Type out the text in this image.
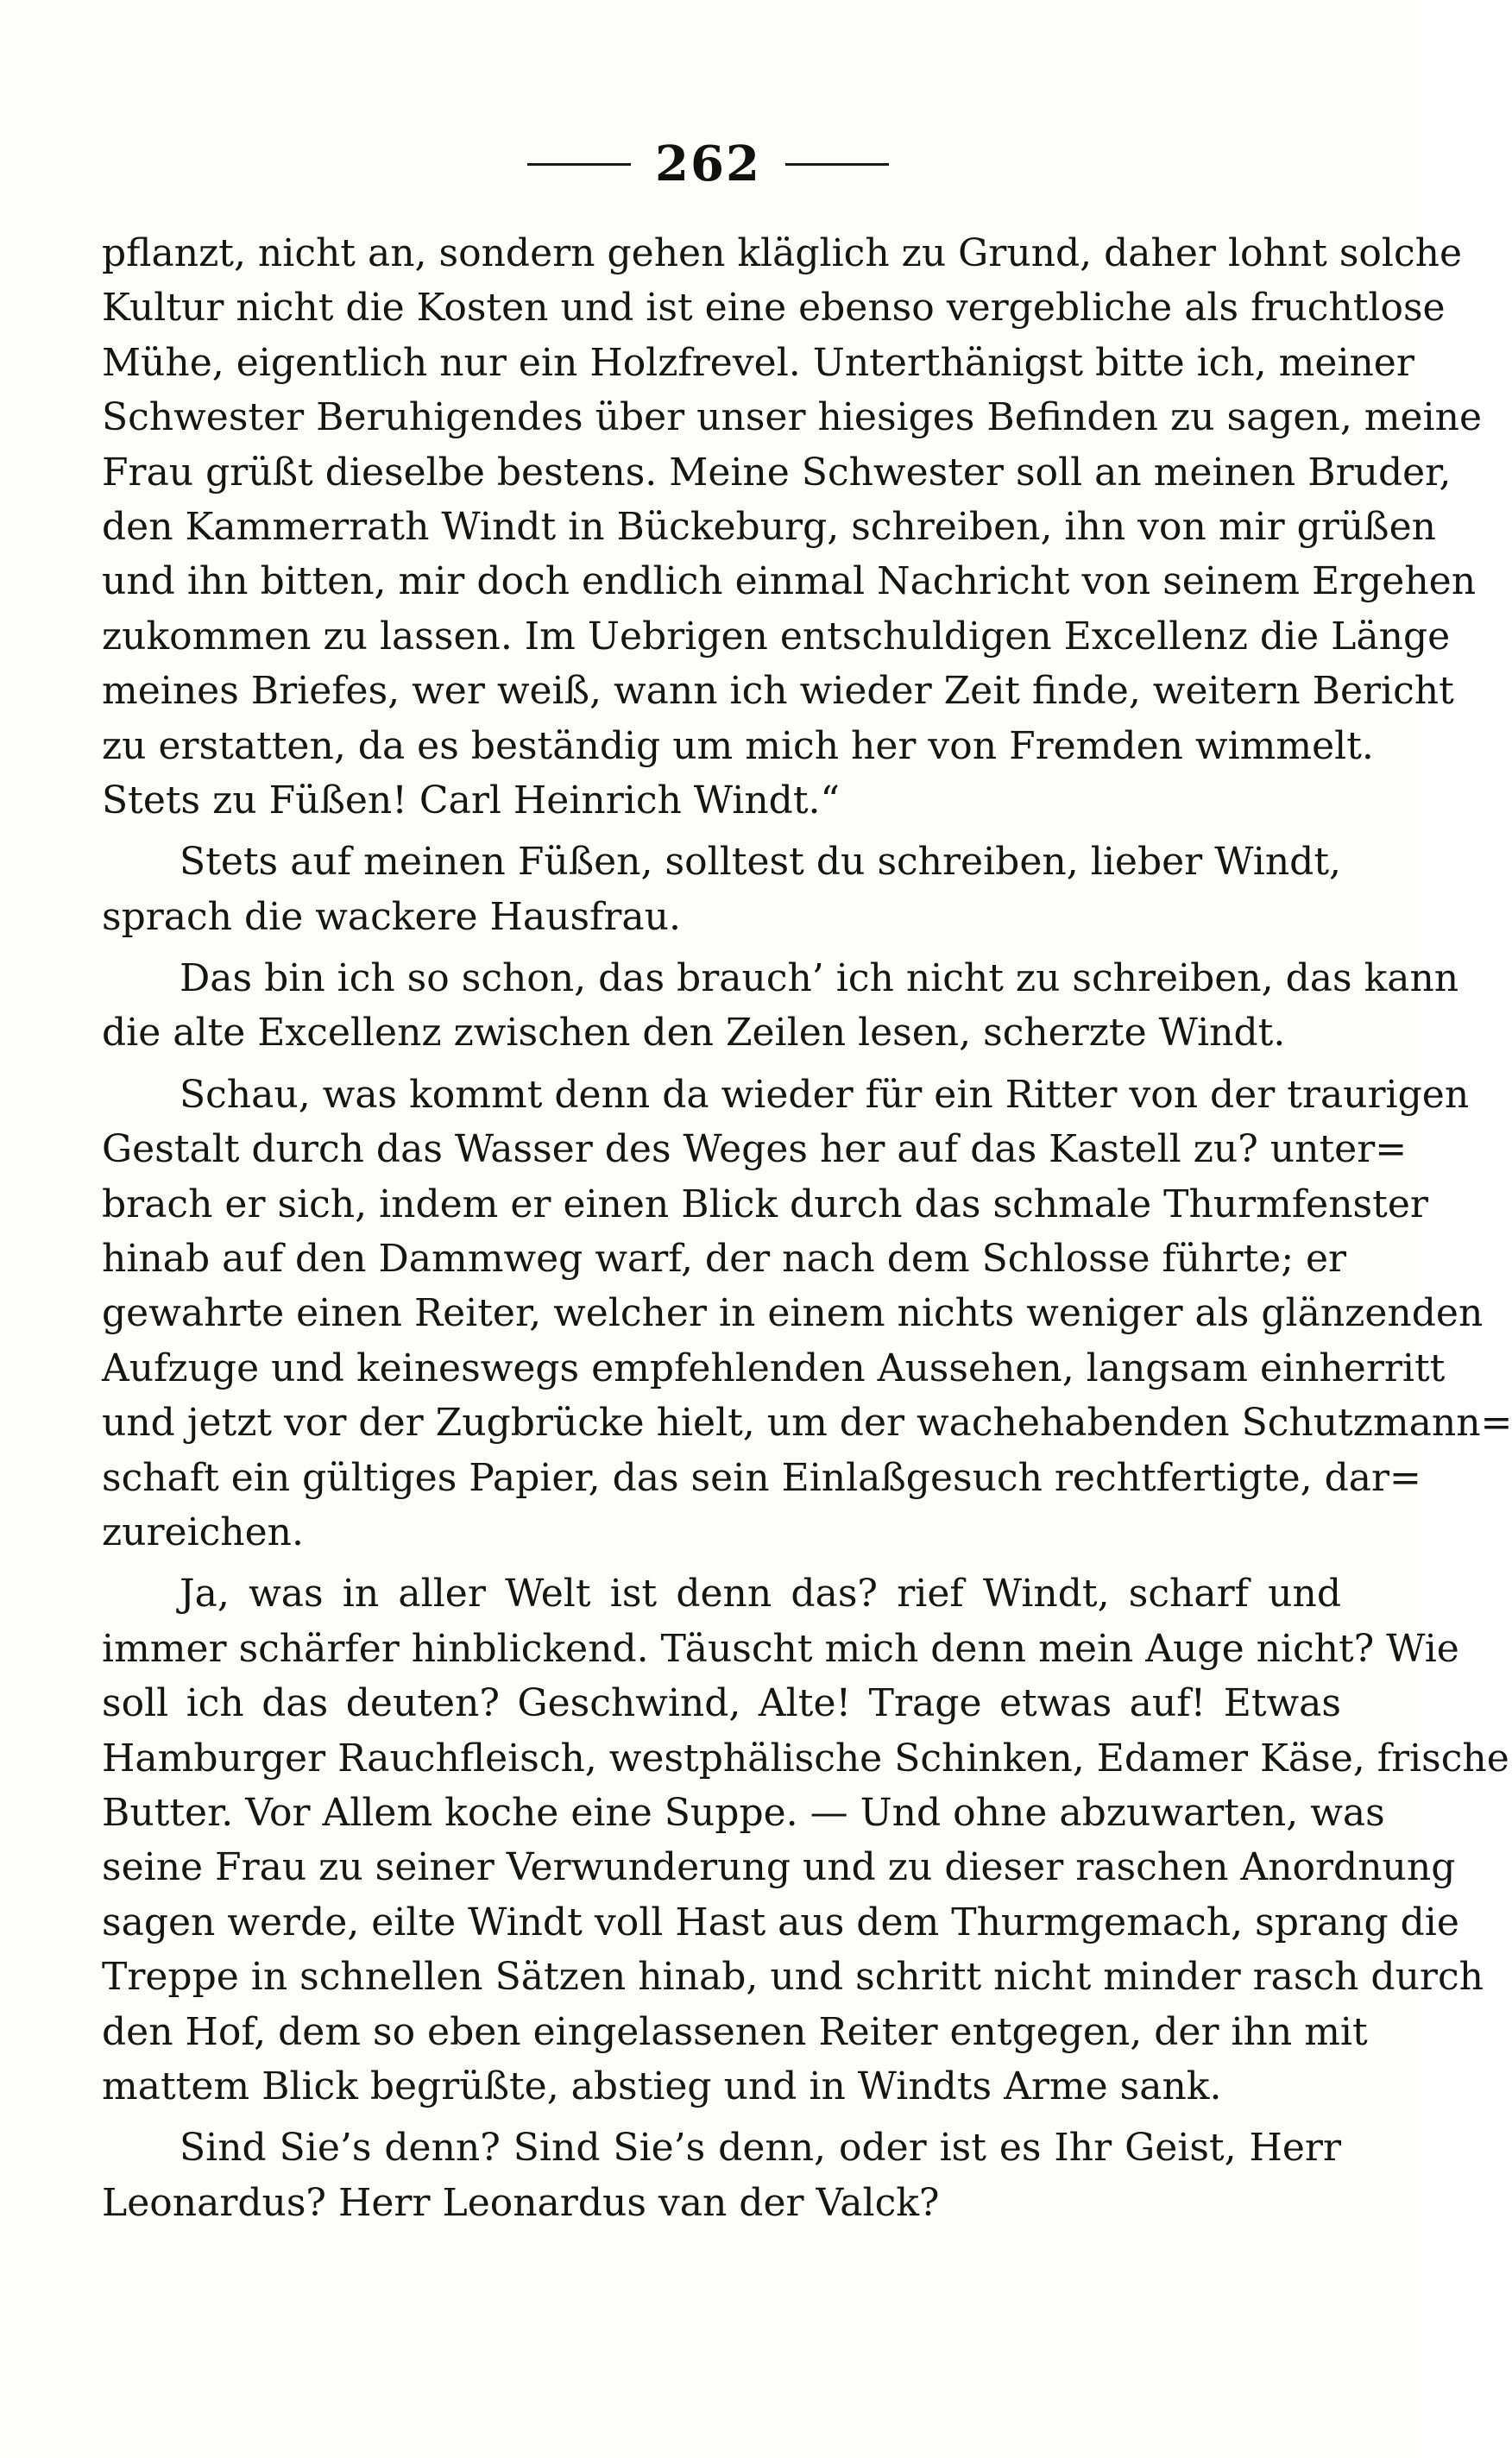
262
pflanzt, nicht an, sondern gehen kläglich zu Grund, daher lohnt solche
Kultur nicht die Kosten und ist eine ebenso vergebliche als fruchtlose
Mühe, eigentlich nur ein Holzfrevel. Unterthänigst bitte ich, meiner
Schwester Beruhigendes über unser hiesiges Befinden zu sagen, meine
Frau grüßt dieselbe bestens. Meine Schwester soll an meinen Bruder,
den Kammerrath Windt in Bückeburg, schreiben, ihn von mir grüßen
und ihn bitten, mir doch endlich einmal Nachricht von seinem Ergehen
zukommen zu lassen. Im Uebrigen entschuldigen Excellenz die Länge
meines Briefes, wer weiß, wann ich wieder Zeit finde, weitern Bericht
zu erstatten, da es beständig um mich her von Fremden wimmelt.
Stets zu Füßen! Carl Heinrich Windt.“
Stets auf meinen Füßen, solltest du schreiben, lieber Windt,
sprach die wackere Hausfrau.
Das bin ich so schon, das brauch’ ich nicht zu schreiben, das kann
die alte Excellenz zwischen den Zeilen lesen, scherzte Windt.
Schau, was kommt denn da wieder für ein Ritter von der traurigen
Gestalt durch das Wasser des Weges her auf das Kastell zu? unter=
brach er sich, indem er einen Blick durch das schmale Thurmfenster
hinab auf den Dammweg warf, der nach dem Schlosse führte; er
gewahrte einen Reiter, welcher in einem nichts weniger als glänzenden
Aufzuge und keineswegs empfehlenden Aussehen, langsam einherritt
und jetzt vor der Zugbrücke hielt, um der wachehabenden Schutzmann=
schaft ein gültiges Papier, das sein Einlaßgesuch rechtfertigte, dar=
zureichen.
Ja, was in aller Welt ist denn das? rief Windt, scharf und
immer schärfer hinblickend. Täuscht mich denn mein Auge nicht? Wie
soll ich das deuten? Geschwind, Alte! Trage etwas auf! Etwas
Hamburger Rauchfleisch, westphälische Schinken, Edamer Käse, frische
Butter. Vor Allem koche eine Suppe. — Und ohne abzuwarten, was
seine Frau zu seiner Verwunderung und zu dieser raschen Anordnung
sagen werde, eilte Windt voll Hast aus dem Thurmgemach, sprang die
Treppe in schnellen Sätzen hinab, und schritt nicht minder rasch durch
den Hof, dem so eben eingelassenen Reiter entgegen, der ihn mit
mattem Blick begrüßte, abstieg und in Windts Arme sank.
Sind Sie’s denn? Sind Sie’s denn, oder ist es Ihr Geist, Herr
Leonardus? Herr Leonardus van der Valck?
